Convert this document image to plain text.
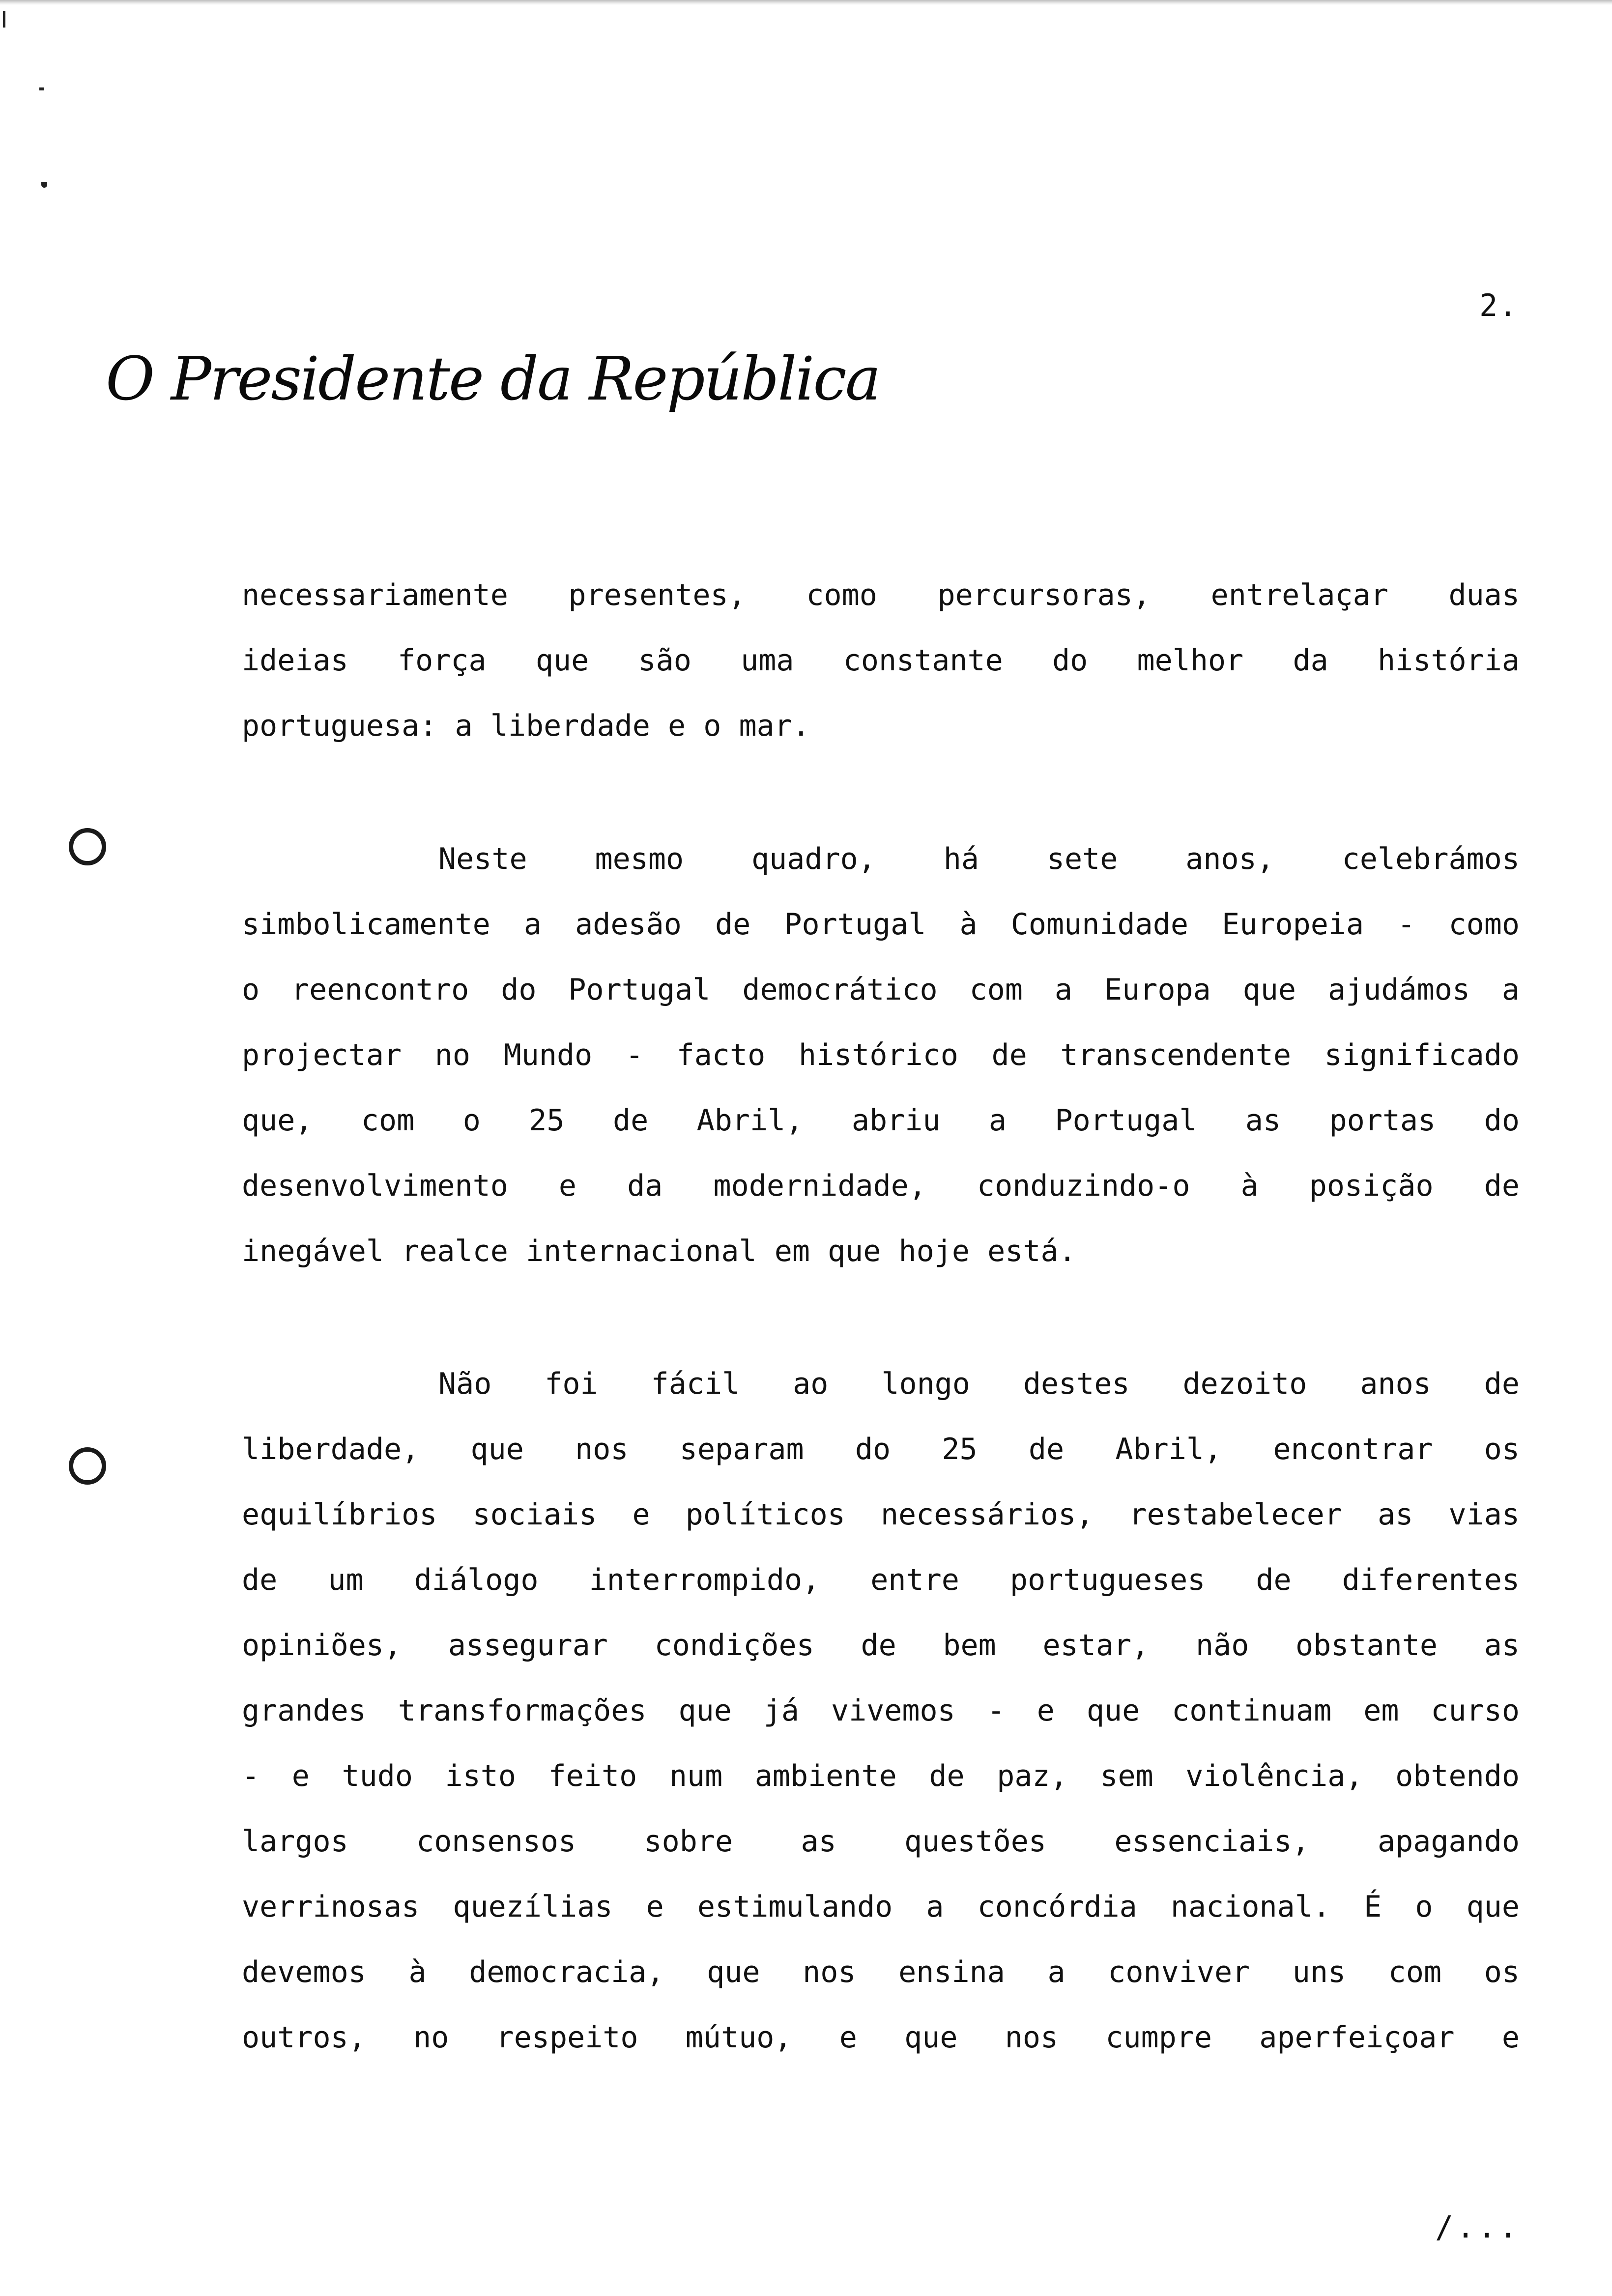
2.
O Presidente da República
necessariamente presentes, como percursoras, entrelaçar duas
ideias força que são uma constante do melhor da história
portuguesa: a liberdade e o mar.
Neste mesmo quadro, há sete anos, celebrámos
simbolicamente a adesão de Portugal à Comunidade Europeia - como
o reencontro do Portugal democrático com a Europa que ajudámos a
projectar no Mundo - facto histórico de transcendente significado
que, com o 25 de Abril, abriu a Portugal as portas do
desenvolvimento e da modernidade, conduzindo-o à posição de
inegável realce internacional em que hoje está.
Não foi fácil ao longo destes dezoito anos de
liberdade, que nos separam do 25 de Abril, encontrar os
equilíbrios sociais e políticos necessários, restabelecer as vias
de um diálogo interrompido, entre portugueses de diferentes
opiniões, assegurar condições de bem estar, não obstante as
grandes transformações que já vivemos - e que continuam em curso
- e tudo isto feito num ambiente de paz, sem violência, obtendo
largos consensos sobre as questões essenciais, apagando
verrinosas quezílias e estimulando a concórdia nacional. É o que
devemos à democracia, que nos ensina a conviver uns com os
outros, no respeito mútuo, e que nos cumpre aperfeiçoar e
/...
